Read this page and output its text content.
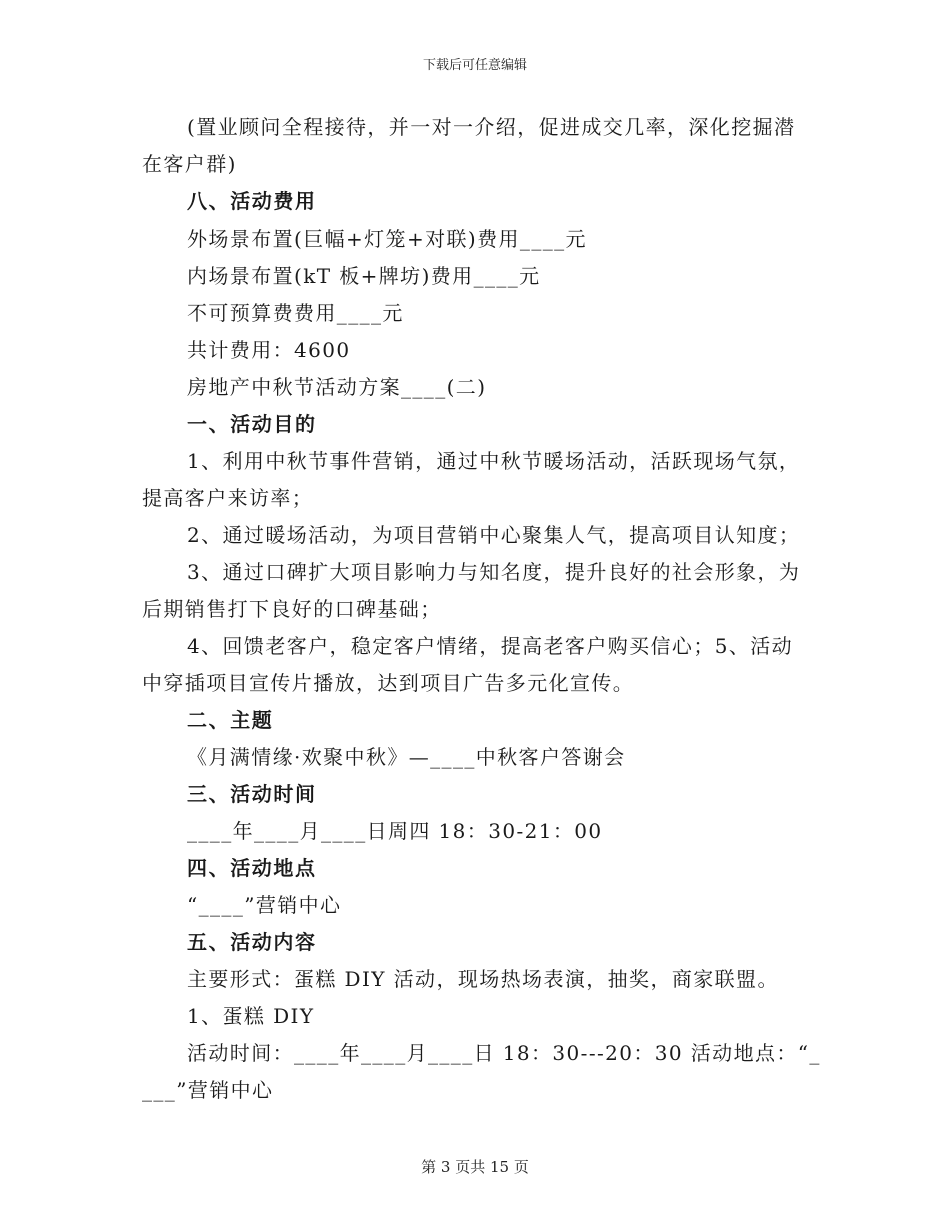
下载后可任意编辑
(置业顾问全程接待，并一对一介绍，促进成交几率，深化挖掘潜
在客户群)
八、活动费用
外场景布置(巨幅+灯笼+对联)费用____元
内场景布置(kT 板+牌坊)费用____元
不可预算费费用____元
共计费用：4600
房地产中秋节活动方案____(二)
一、活动目的
1、利用中秋节事件营销，通过中秋节暖场活动，活跃现场气氛，
提高客户来访率；
2、通过暖场活动，为项目营销中心聚集人气，提高项目认知度；
3、通过口碑扩大项目影响力与知名度，提升良好的社会形象，为
后期销售打下良好的口碑基础；
4、回馈老客户，稳定客户情绪，提高老客户购买信心；5、活动
中穿插项目宣传片播放，达到项目广告多元化宣传。
二、主题
《月满情缘·欢聚中秋》—____中秋客户答谢会
三、活动时间
____年____月____日周四 18：30-21：00
四、活动地点
“____”营销中心
五、活动内容
主要形式：蛋糕 DIY 活动，现场热场表演，抽奖，商家联盟。
1、蛋糕 DIY
活动时间：____年____月____日 18：30---20：30 活动地点：“_
___”营销中心
第 3 页共 15 页
